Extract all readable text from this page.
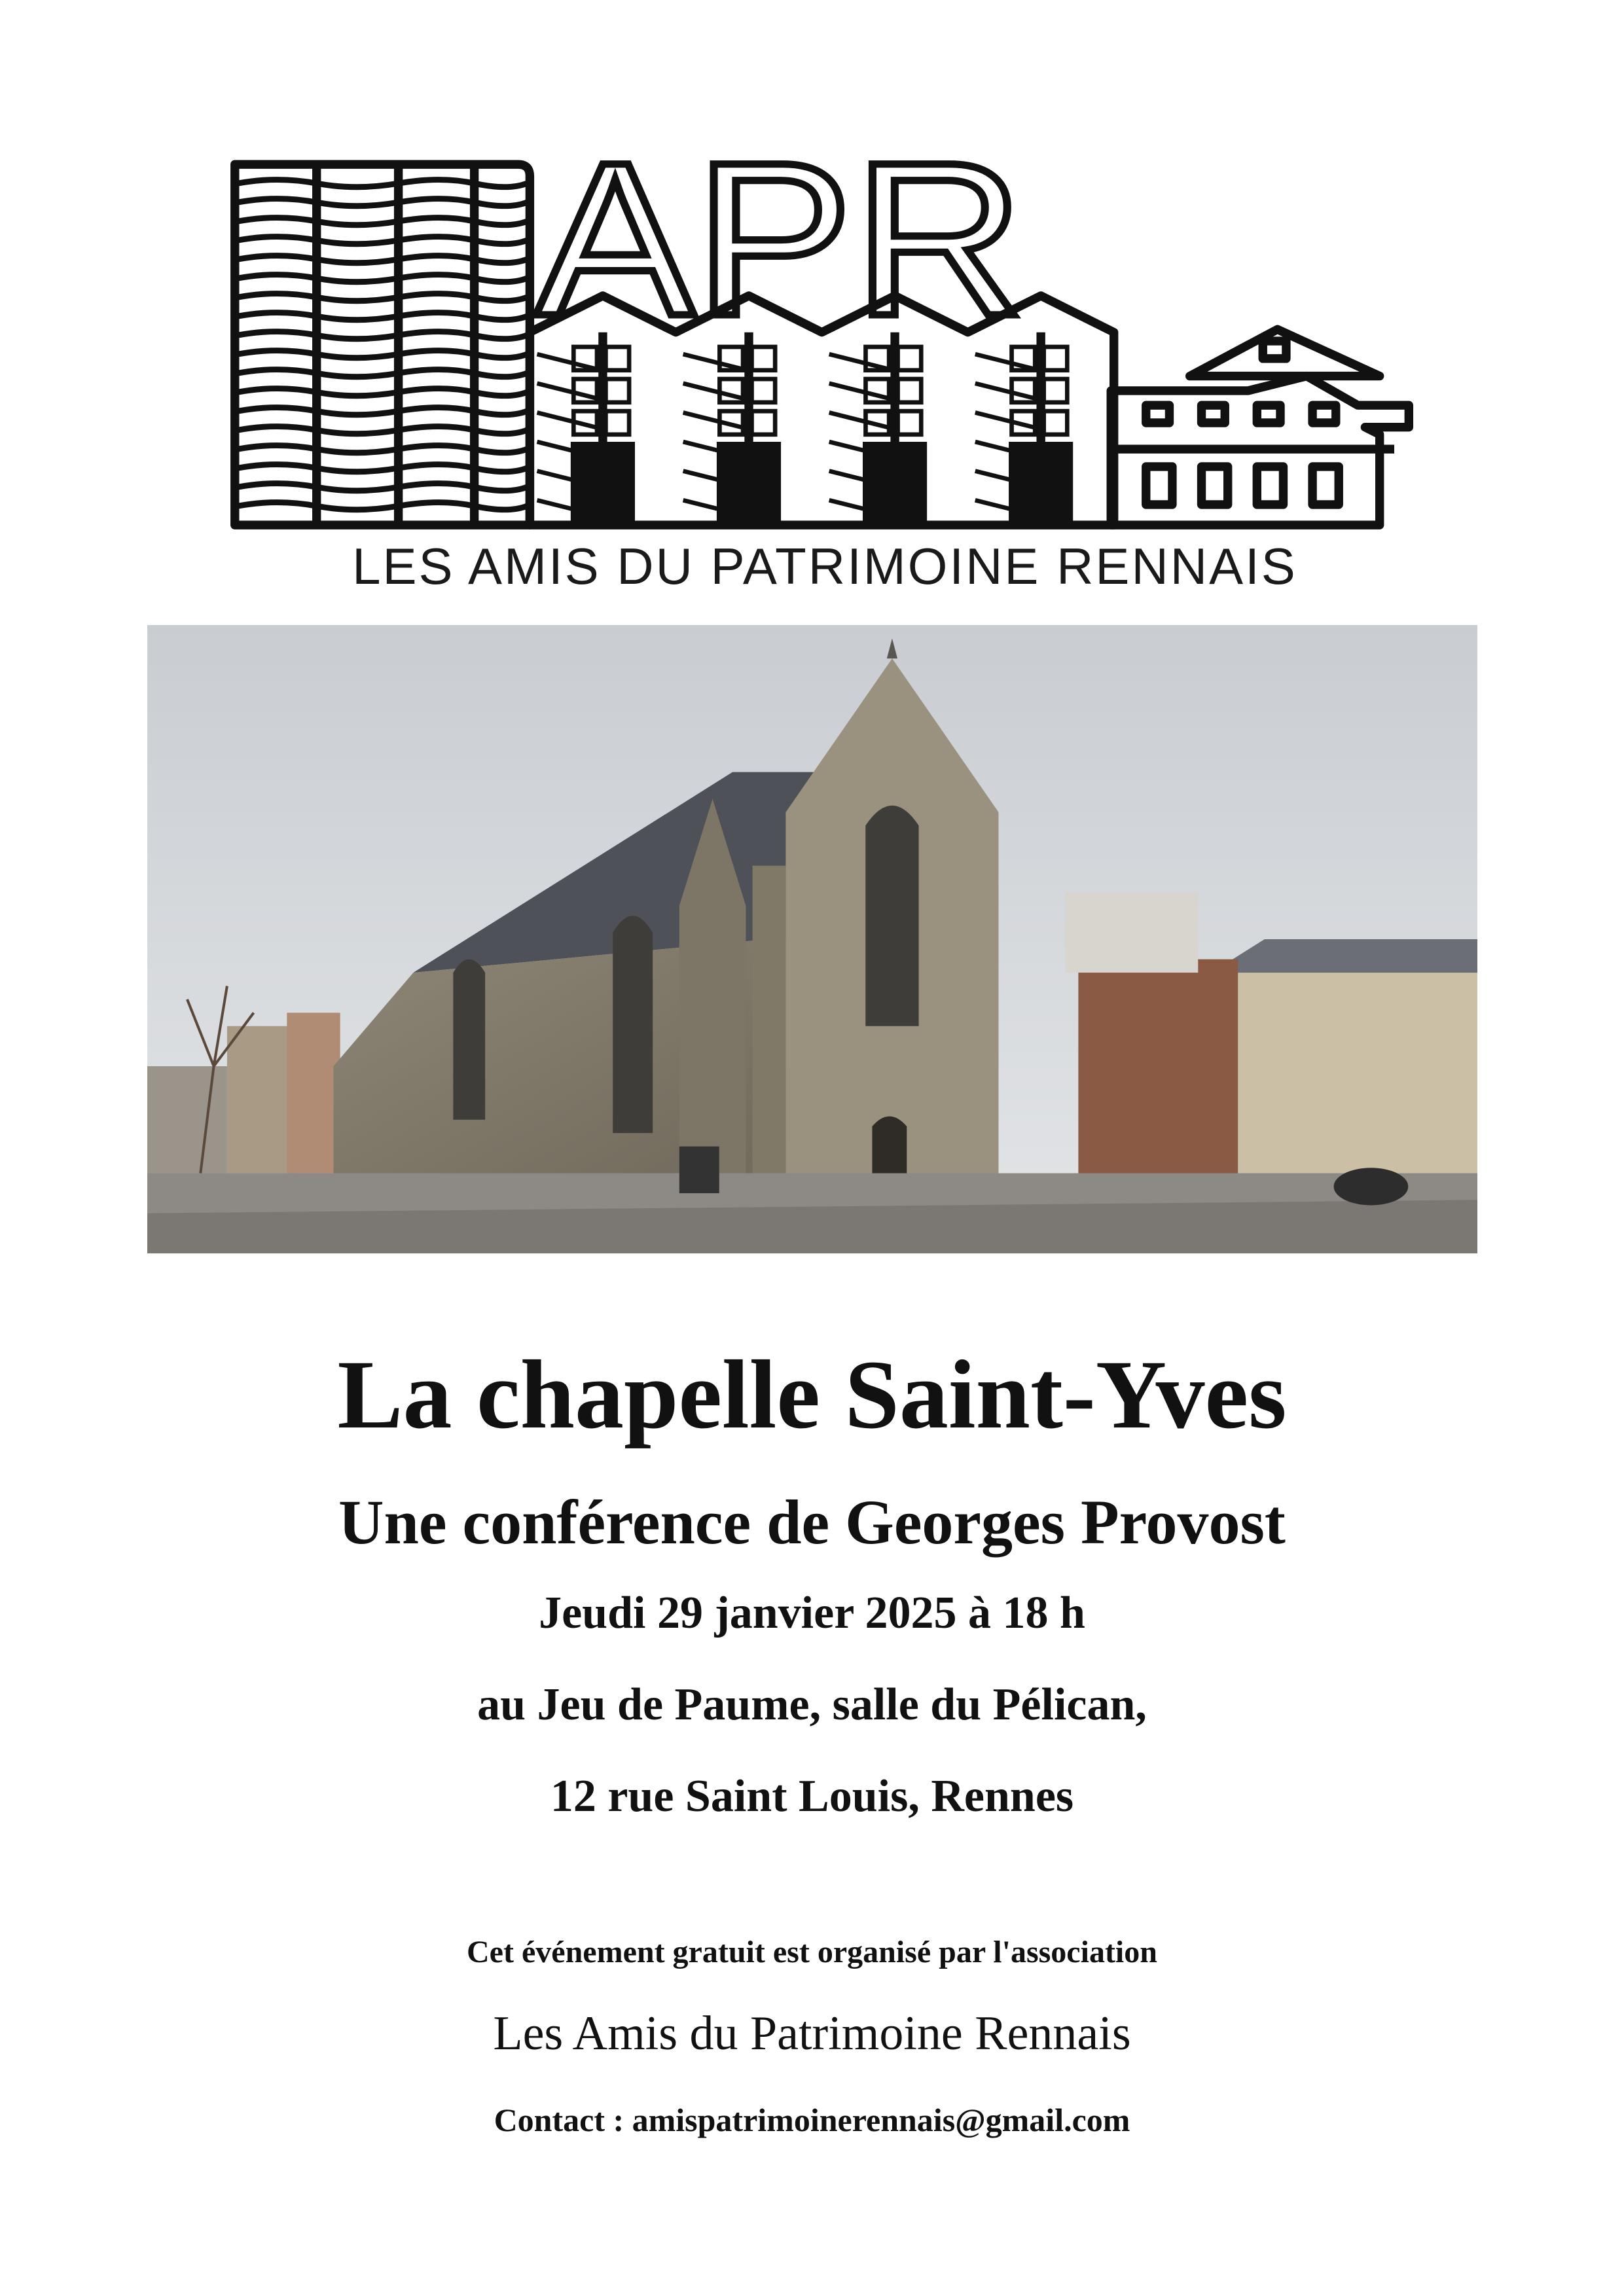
APR
LES AMIS DU PATRIMOINE RENNAIS
La chapelle Saint-Yves
Une conférence de Georges Provost
Jeudi 29 janvier 2025 à 18 h
au Jeu de Paume, salle du Pélican,
12 rue Saint Louis, Rennes
Cet événement gratuit est organisé par l'association
Les Amis du Patrimoine Rennais
Contact : amispatrimoinerennais@gmail.com
